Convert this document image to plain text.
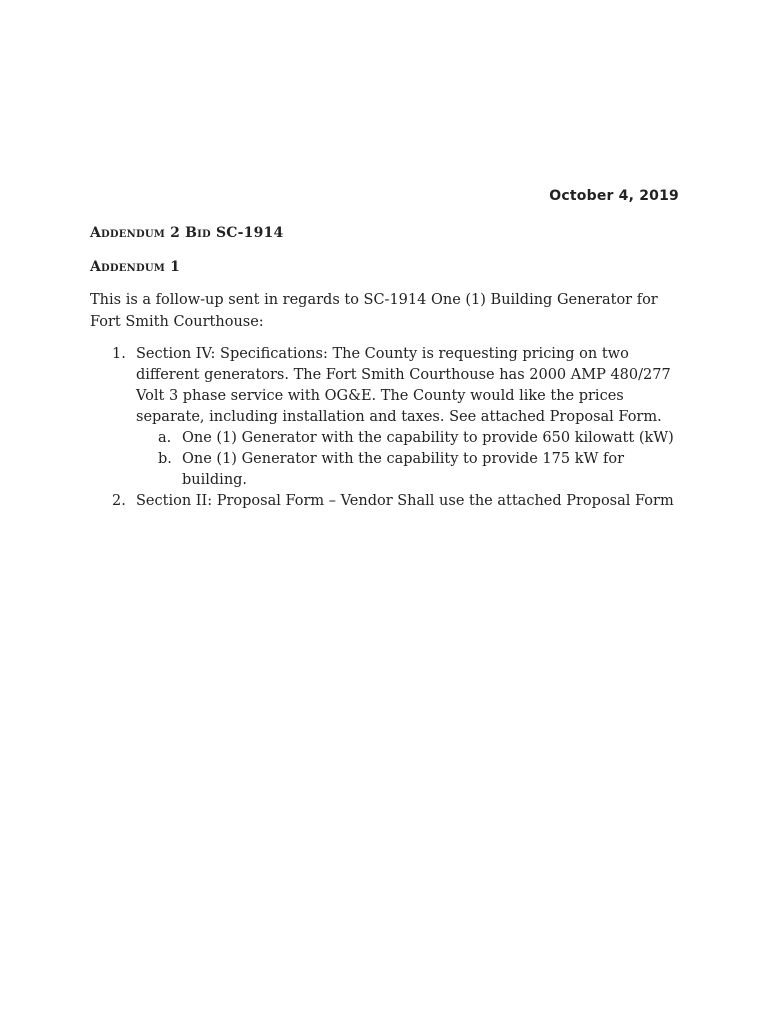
October 4, 2019
Addendum 2 Bid SC-1914
Addendum 1
This is a follow-up sent in regards to SC-1914 One (1) Building Generator for Fort Smith Courthouse:
1. Section IV: Specifications: The County is requesting pricing on two different generators. The Fort Smith Courthouse has 2000 AMP 480/277 Volt 3 phase service with OG&E. The County would like the prices separate, including installation and taxes. See attached Proposal Form.
a. One (1) Generator with the capability to provide 650 kilowatt (kW)
b. One (1) Generator with the capability to provide 175 kW for building.
2. Section II: Proposal Form – Vendor Shall use the attached Proposal Form
